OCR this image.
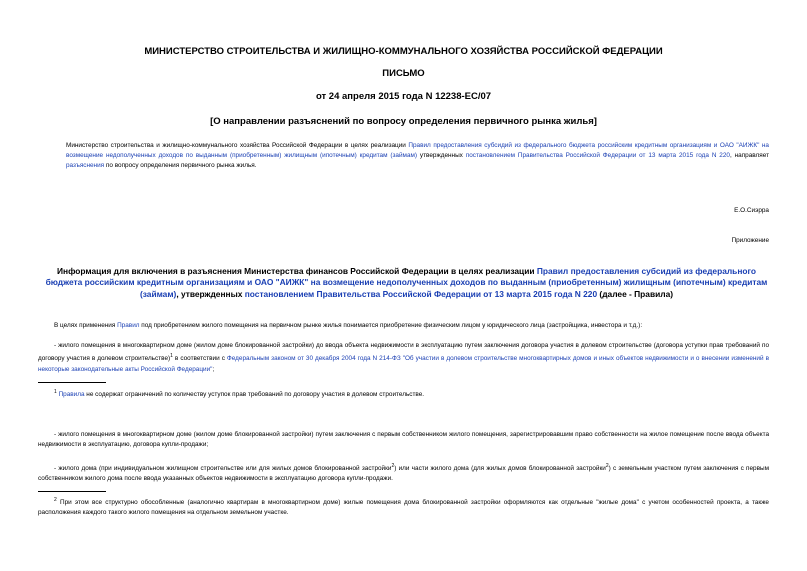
МИНИСТЕРСТВО СТРОИТЕЛЬСТВА И ЖИЛИЩНО-КОММУНАЛЬНОГО ХОЗЯЙСТВА РОССИЙСКОЙ ФЕДЕРАЦИИ
ПИСЬМО
от 24 апреля 2015 года N 12238-ЕС/07
[О направлении разъяснений по вопросу определения первичного рынка жилья]
Министерство строительства и жилищно-коммунального хозяйства Российской Федерации в целях реализации Правил предоставления субсидий из федерального бюджета российским кредитным организациям и ОАО "АИЖК" на возмещение недополученных доходов по выданным (приобретенным) жилищным (ипотечным) кредитам (займам) утвержденных постановлением Правительства Российской Федерации от 13 марта 2015 года N 220, направляет разъяснения по вопросу определения первичного рынка жилья.
Е.О.Сиэрра
Приложение
Информация для включения в разъяснения Министерства финансов Российской Федерации в целях реализации Правил предоставления субсидий из федерального бюджета российским кредитным организациям и ОАО "АИЖК" на возмещение недополученных доходов по выданным (приобретенным) жилищным (ипотечным) кредитам (займам), утвержденных постановлением Правительства Российской Федерации от 13 марта 2015 года N 220 (далее - Правила)
В целях применения Правил под приобретением жилого помещения на первичном рынке жилья понимается приобретение физическим лицом у юридического лица (застройщика, инвестора и т.д.):
- жилого помещения в многоквартирном доме (жилом доме блокированной застройки) до ввода объекта недвижимости в эксплуатацию путем заключения договора участия в долевом строительстве (договора уступки прав требований по договору участия в долевом строительстве)$^1$ в соответствии с Федеральным законом от 30 декабря 2004 года N 214-ФЗ "Об участии в долевом строительстве многоквартирных домов и иных объектов недвижимости и о внесении изменений в некоторые законодательные акты Российской Федерации";
$^1$ Правила не содержат ограничений по количеству уступок прав требований по договору участия в долевом строительстве.
- жилого помещения в многоквартирном доме (жилом доме блокированной застройки) путем заключения с первым собственником жилого помещения, зарегистрировавшим право собственности на жилое помещение после ввода объекта недвижимости в эксплуатацию, договора купли-продажи;
- жилого дома (при индивидуальном жилищном строительстве или для жилых домов блокированной застройки$^2$) или части жилого дома (для жилых домов блокированной застройки$^2$) с земельным участком путем заключения с первым собственником жилого дома после ввода указанных объектов недвижимости в эксплуатацию договора купли-продажи.
$^2$ При этом все структурно обособленные (аналогично квартирам в многоквартирном доме) жилые помещения дома блокированной застройки оформляются как отдельные "жилые дома" с учетом особенностей проекта, а также расположения каждого такого жилого помещения на отдельном земельном участке.
